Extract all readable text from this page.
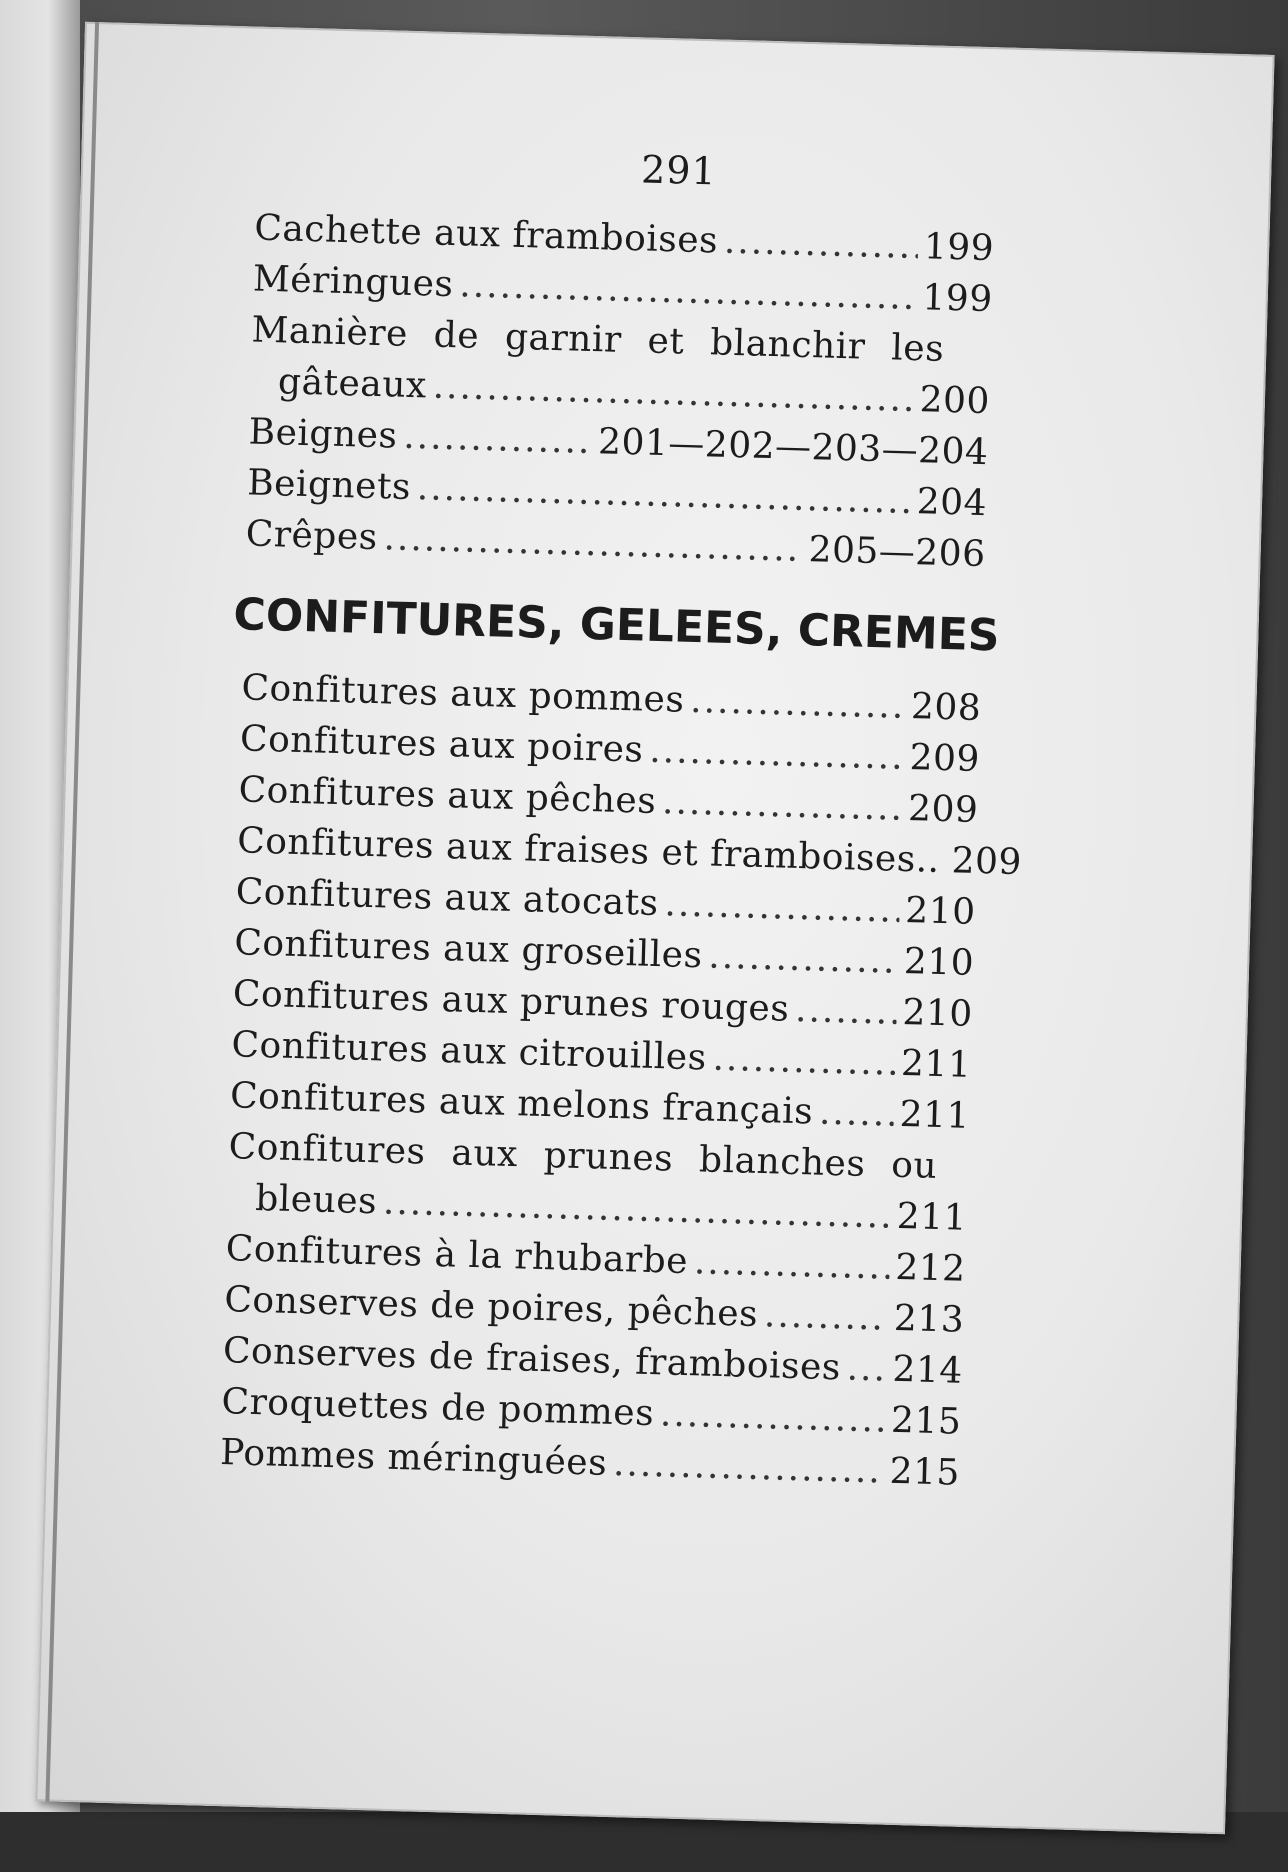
291
Cachette aux framboises .....	199
Méringues .....	199
Manière de garnir et blanchir les
gâteaux .....	200
Beignes .....	201—202—203—204
Beignets .....	204
Crêpes .....	205—206
CONFITURES, GELEES, CREMES
Confitures aux pommes .....	208
Confitures aux poires .....	209
Confitures aux pêches .....	209
Confitures aux fraises et framboises.. 209
Confitures aux atocats .....	210
Confitures aux groseilles .....	210
Confitures aux prunes rouges .....	210
Confitures aux citrouilles .....	211
Confitures aux melons français ..... 211
Confitures aux prunes blanches ou
bleues .....	211
Confitures à la rhubarbe .....	212
Conserves de poires, pêches .....	213
Conserves de fraises, framboises ..... 214
Croquettes de pommes .....	215
Pommes méringuées .....	215
